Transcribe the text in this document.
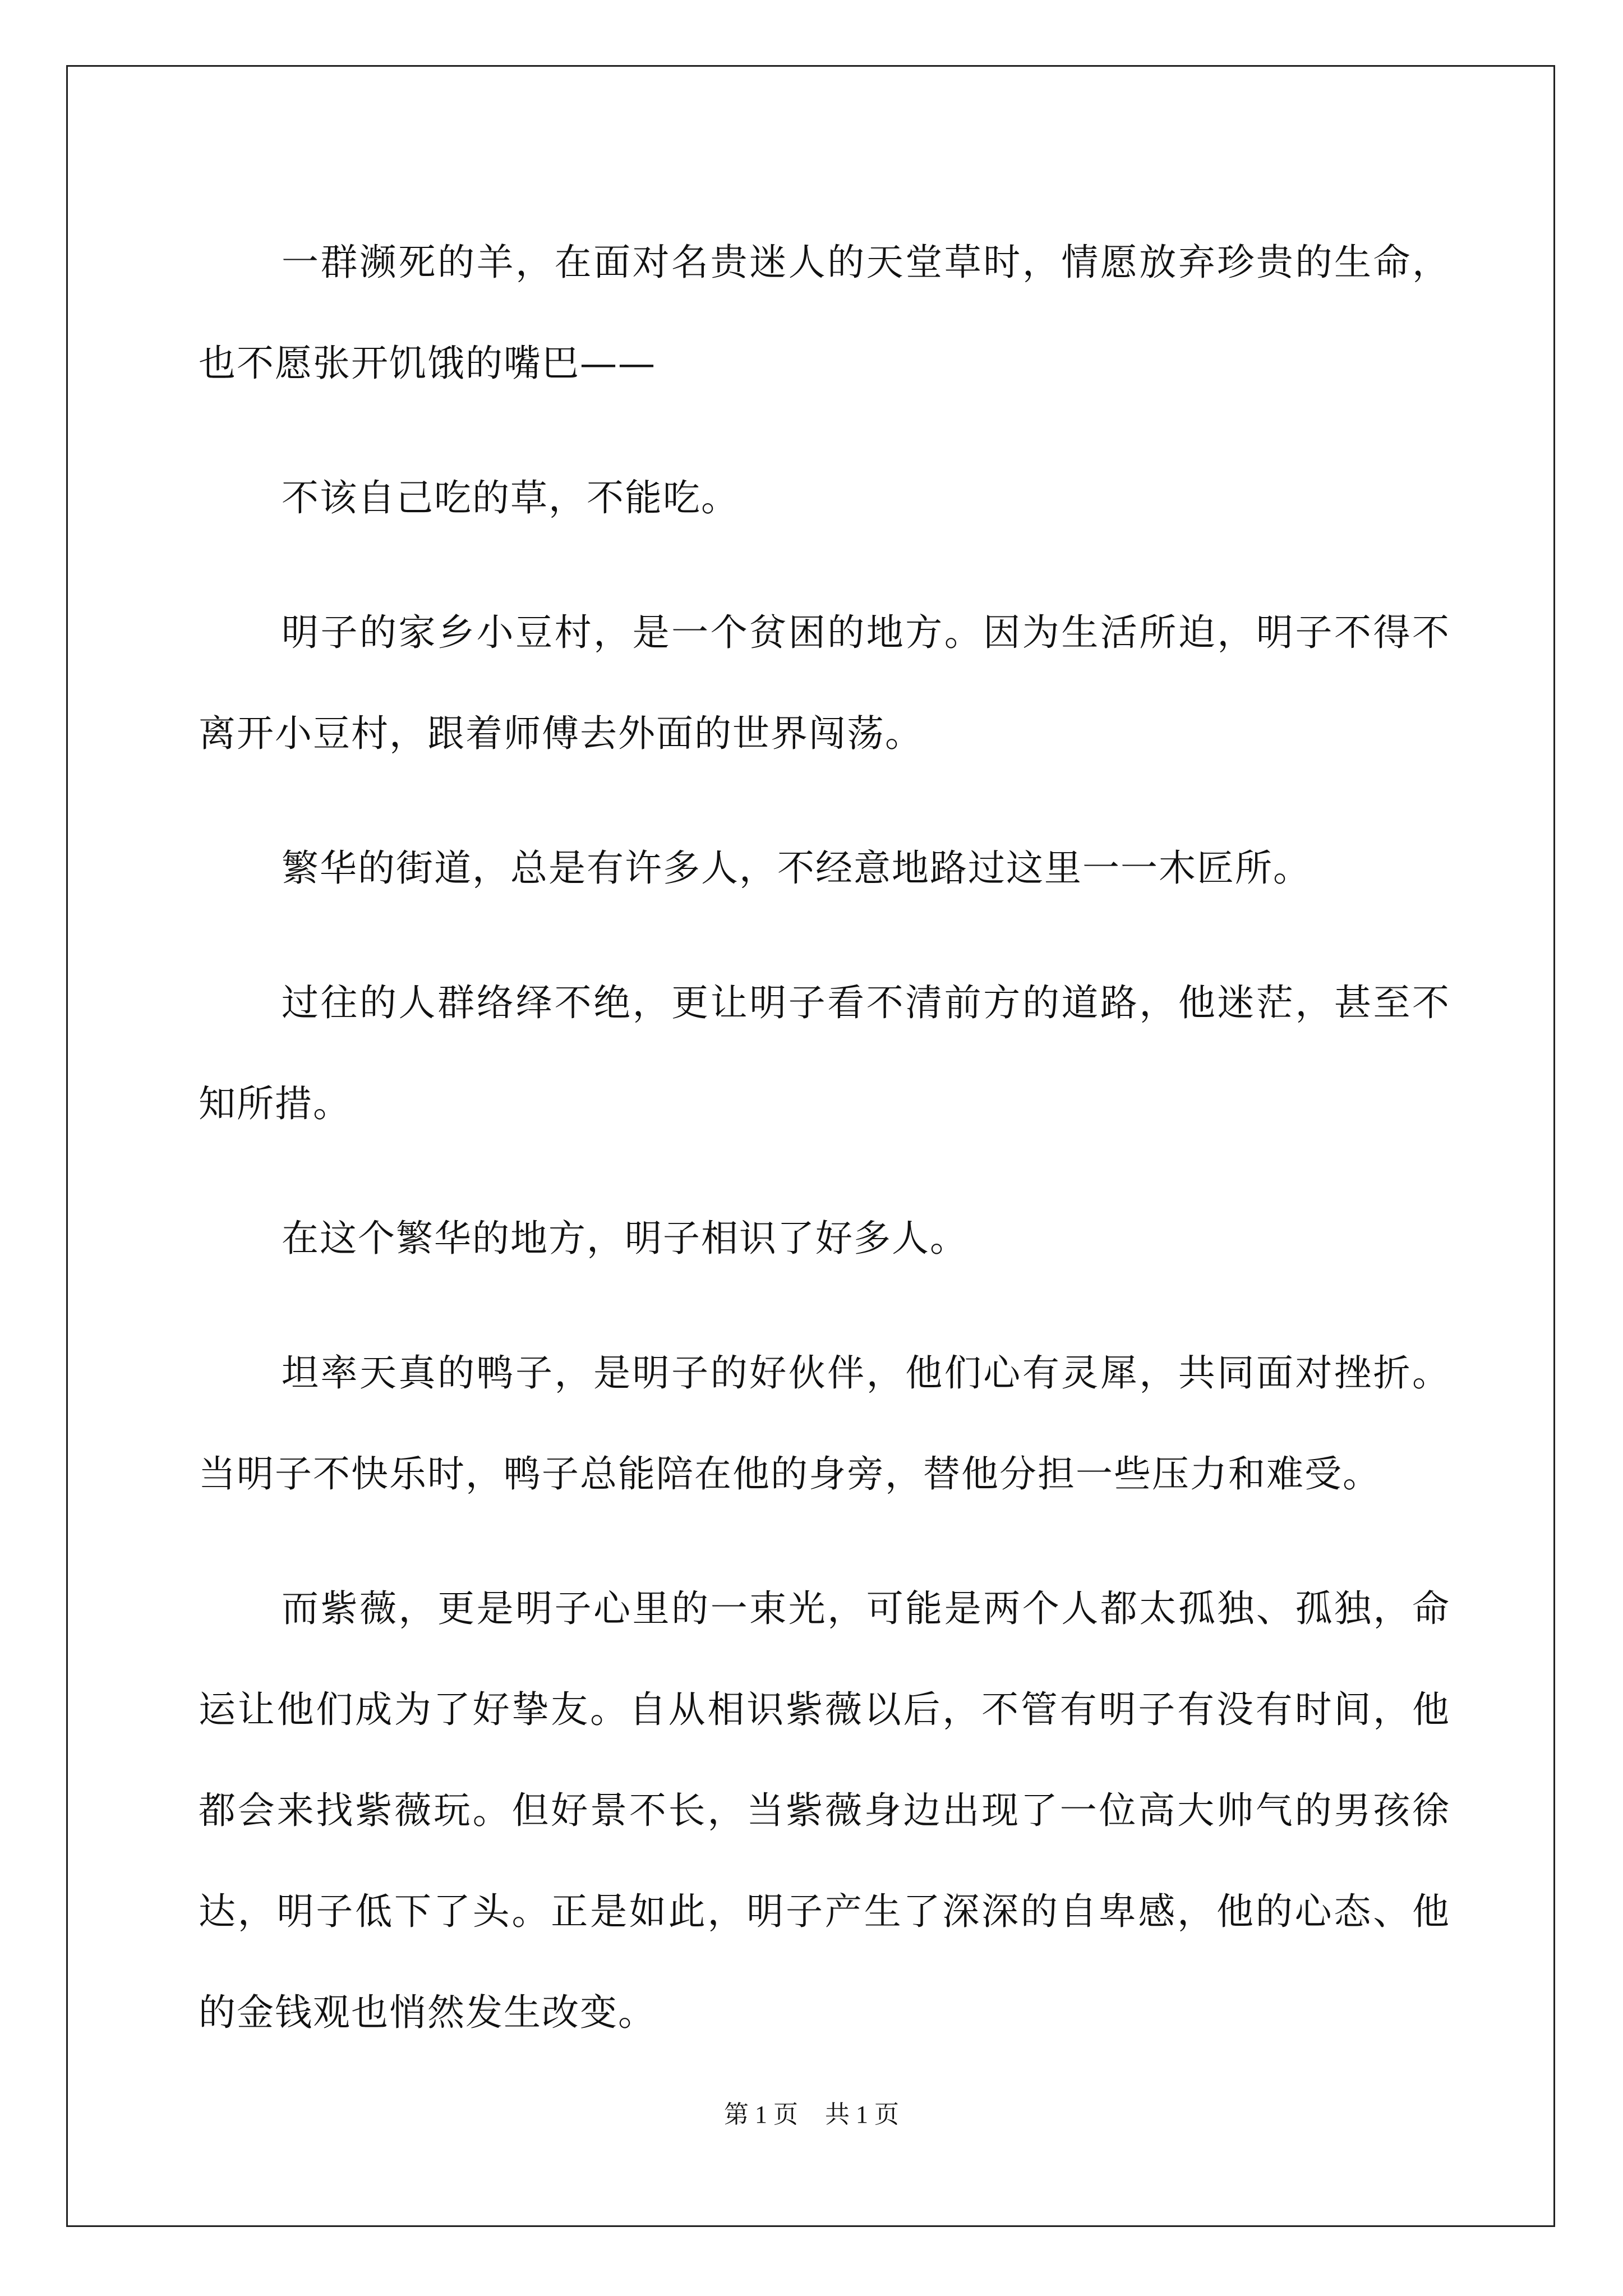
一群濒死的羊，在面对名贵迷人的天堂草时，情愿放弃珍贵的生命，也不愿张开饥饿的嘴巴——

不该自己吃的草，不能吃。

明子的家乡小豆村，是一个贫困的地方。因为生活所迫，明子不得不离开小豆村，跟着师傅去外面的世界闯荡。

繁华的街道，总是有许多人，不经意地路过这里一一木匠所。

过往的人群络绎不绝，更让明子看不清前方的道路，他迷茫，甚至不知所措。

在这个繁华的地方，明子相识了好多人。

坦率天真的鸭子，是明子的好伙伴，他们心有灵犀，共同面对挫折。当明子不快乐时，鸭子总能陪在他的身旁，替他分担一些压力和难受。

而紫薇，更是明子心里的一束光，可能是两个人都太孤独、孤独，命运让他们成为了好挚友。自从相识紫薇以后，不管有明子有没有时间，他都会来找紫薇玩。但好景不长，当紫薇身边出现了一位高大帅气的男孩徐达，明子低下了头。正是如此，明子产生了深深的自卑感，他的心态、他的金钱观也悄然发生改变。

第 1 页 共 1 页
